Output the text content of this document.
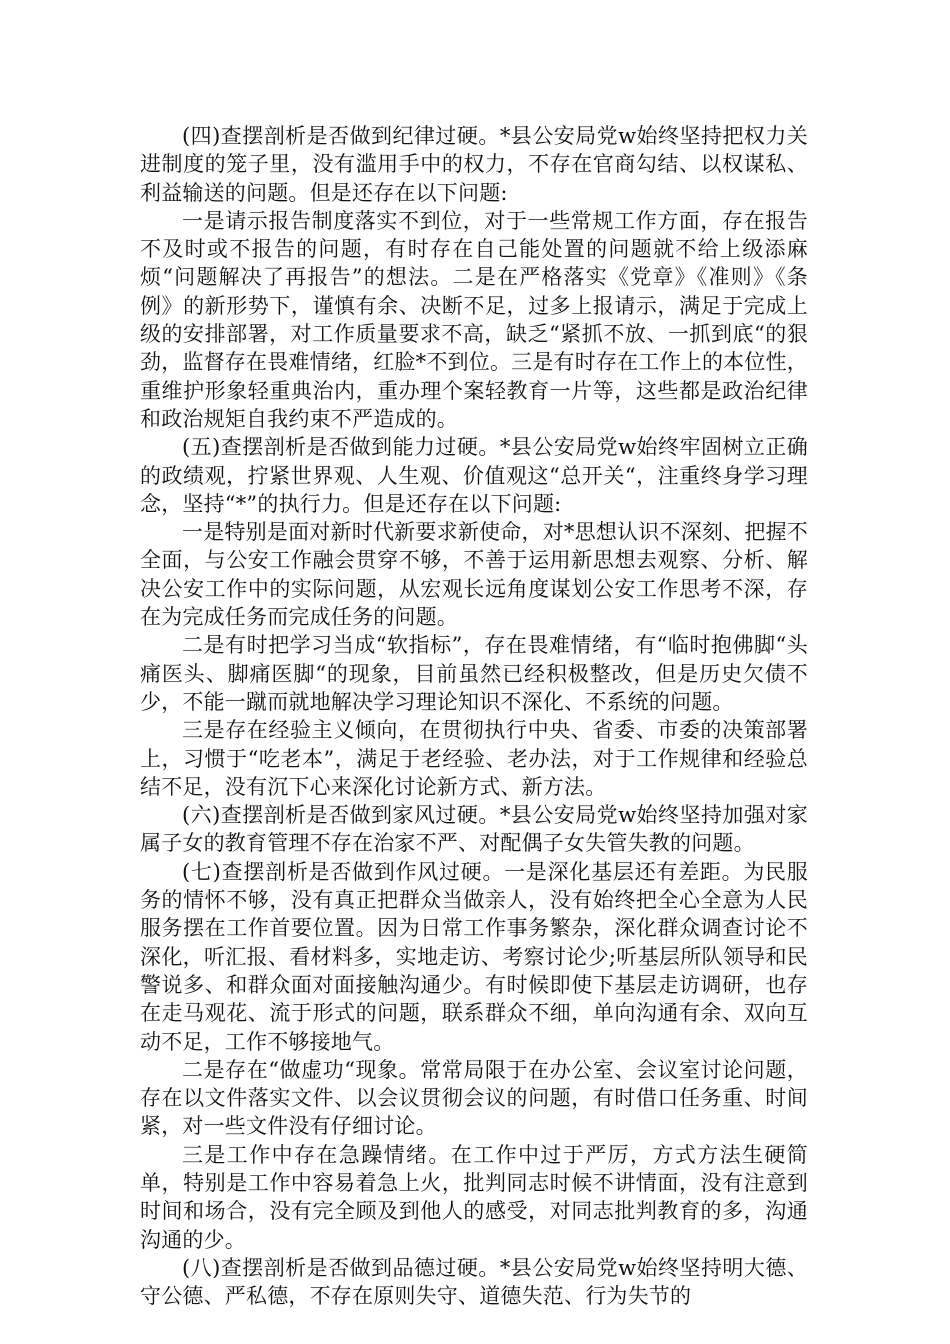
(四)查摆剖析是否做到纪律过硬。*县公安局党w始终坚持把权力关进制度的笼子里，没有滥用手中的权力，不存在官商勾结、以权谋私、利益输送的问题。但是还存在以下问题:

一是请示报告制度落实不到位，对于一些常规工作方面，存在报告不及时或不报告的问题，有时存在自己能处置的问题就不给上级添麻烦“问题解决了再报告”的想法。二是在严格落实《党章》《准则》《条例》的新形势下，谨慎有余、决断不足，过多上报请示，满足于完成上级的安排部署，对工作质量要求不高，缺乏“紧抓不放、一抓到底“的狠劲，监督存在畏难情绪，红脸*不到位。三是有时存在工作上的本位性，重维护形象轻重典治内，重办理个案轻教育一片等，这些都是政治纪律和政治规矩自我约束不严造成的。

(五)查摆剖析是否做到能力过硬。*县公安局党w始终牢固树立正确的政绩观，拧紧世界观、人生观、价值观这“总开关“，注重终身学习理念，坚持“*”的执行力。但是还存在以下问题:

一是特别是面对新时代新要求新使命，对*思想认识不深刻、把握不全面，与公安工作融会贯穿不够，不善于运用新思想去观察、分析、解决公安工作中的实际问题，从宏观长远角度谋划公安工作思考不深，存在为完成任务而完成任务的问题。

二是有时把学习当成“软指标”，存在畏难情绪，有“临时抱佛脚“头痛医头、脚痛医脚“的现象，目前虽然已经积极整改，但是历史欠债不少，不能一蹴而就地解决学习理论知识不深化、不系统的问题。

三是存在经验主义倾向，在贯彻执行中央、省委、市委的决策部署上，习惯于“吃老本”，满足于老经验、老办法，对于工作规律和经验总结不足，没有沉下心来深化讨论新方式、新方法。

(六)查摆剖析是否做到家风过硬。*县公安局党w始终坚持加强对家属子女的教育管理不存在治家不严、对配偶子女失管失教的问题。

(七)查摆剖析是否做到作风过硬。一是深化基层还有差距。为民服务的情怀不够，没有真正把群众当做亲人，没有始终把全心全意为人民服务摆在工作首要位置。因为日常工作事务繁杂，深化群众调查讨论不深化，听汇报、看材料多，实地走访、考察讨论少;听基层所队领导和民警说多、和群众面对面接触沟通少。有时候即使下基层走访调研，也存在走马观花、流于形式的问题，联系群众不细，单向沟通有余、双向互动不足，工作不够接地气。

二是存在“做虚功“现象。常常局限于在办公室、会议室讨论问题，存在以文件落实文件、以会议贯彻会议的问题，有时借口任务重、时间紧，对一些文件没有仔细讨论。

三是工作中存在急躁情绪。在工作中过于严厉，方式方法生硬简单，特别是工作中容易着急上火，批判同志时候不讲情面，没有注意到时间和场合，没有完全顾及到他人的感受，对同志批判教育的多，沟通沟通的少。

(八)查摆剖析是否做到品德过硬。*县公安局党w始终坚持明大德、守公德、严私德，不存在原则失守、道德失范、行为失节的
